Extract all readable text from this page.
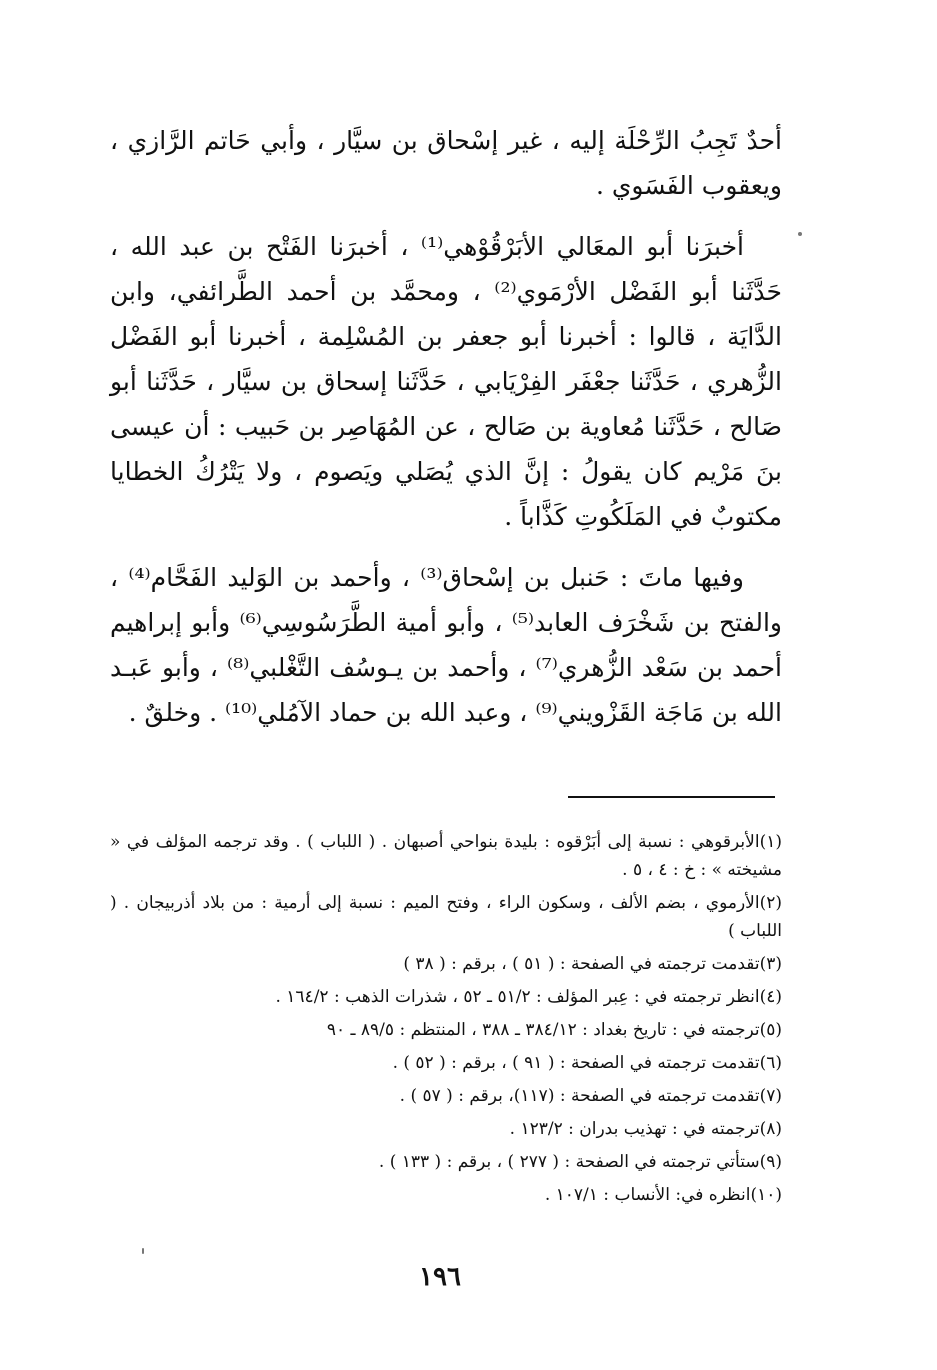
أحدٌ تَجِبُ الرِّحْلَة إليه ، غير إسْحاق بن سيَّار ، وأبي حَاتم الرَّازي ، ويعقوب الفَسَوي .

أخبرَنا أبو المعَالي الأبَرْقُوْهي⁽¹⁾ ، أخبرَنا الفَتْح بن عبد الله ، حَدَّثَنا أبو الفَضْل الأرْمَوي⁽²⁾ ، ومحمَّد بن أحمد الطَّرائفي، وابن الدَّايَة ، قالوا : أخبرنا أبو جعفر بن المُسْلِمة ، أخبرنا أبو الفَضْل الزُّهري ، حَدَّثَنا جعْفَر الفِرْيَابي ، حَدَّثَنا إسحاق بن سيَّار ، حَدَّثَنا أبو صَالح ، حَدَّثَنا مُعاوية بن صَالح ، عن المُهَاصِر بن حَبيب : أن عيسى بنَ مَرْيم كان يقولُ : إنَّ الذي يُصَلي ويَصوم ، ولا يَتْرُكُ الخطايا مكتوبٌ في المَلَكُوتِ كَذَّاباً .

وفيها ماتَ : حَنبل بن إسْحاق⁽³⁾ ، وأحمد بن الوَليد الفَحَّام⁽⁴⁾ ، والفتح بن شَخْرَف العابد⁽⁵⁾ ، وأبو أمية الطَّرَسُوسِي⁽⁶⁾ وأبو إبراهيم أحمد بن سَعْد الزُّهري⁽⁷⁾ ، وأحمد بن يـوسُف التَّغْلبي⁽⁸⁾ ، وأبو عَبـد الله بن مَاجَة القَزْويني⁽⁹⁾ ، وعبد الله بن حماد الآمُلي⁽¹⁰⁾ . وخلقٌ .

(١)الأبرقوهي : نسبة إلى أبَرْقوه : بليدة بنواحي أصبهان . ( اللباب ) . وقد ترجمه المؤلف في « مشيخته » : خ : ٤ ، ٥ .
(٢)الأرموي ، بضم الألف ، وسكون الراء ، وفتح الميم : نسبة إلى أرمية : من بلاد أذربيجان . ( اللباب )
(٣)تقدمت ترجمته في الصفحة : ( ٥١ ) ، برقم : ( ٣٨ )
(٤)انظر ترجمته في : عِبر المؤلف : ٥١/٢ ـ ٥٢ ، شذرات الذهب : ١٦٤/٢ .
(٥)ترجمته في : تاريخ بغداد : ٣٨٤/١٢ ـ ٣٨٨ ، المنتظم : ٨٩/٥ ـ ٩٠
(٦)تقدمت ترجمته في الصفحة : ( ٩١ ) ، برقم : ( ٥٢ ) .
(٧)تقدمت ترجمته في الصفحة : (١١٧)، برقم : ( ٥٧ ) .
(٨)ترجمته في : تهذيب بدران : ١٢٣/٢ .
(٩)ستأتي ترجمته في الصفحة : ( ٢٧٧ ) ، برقم : ( ١٣٣ ) .
(١٠)انظره في: الأنساب : ١٠٧/١ .
١٩٦
